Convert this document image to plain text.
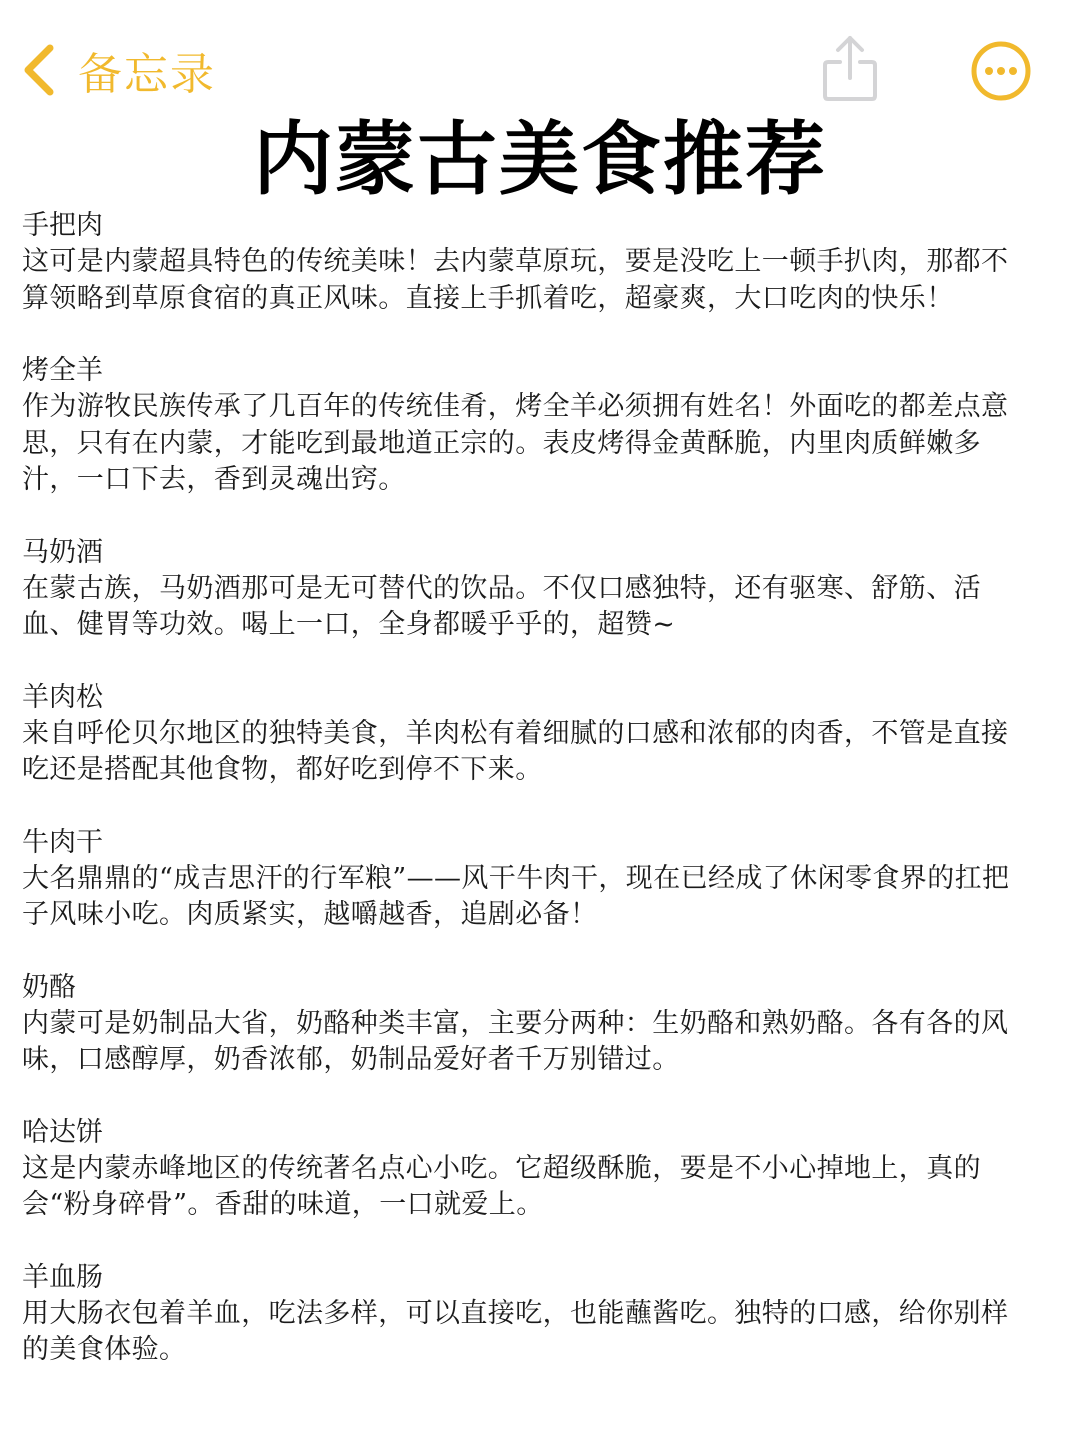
备忘录
内蒙古美食推荐

手把肉

这可是内蒙超具特色的传统美味！去内蒙草原玩，要是没吃上一顿手扒肉，那都不算领略到草原食宿的真正风味。直接上手抓着吃，超豪爽，大口吃肉的快乐！

烤全羊

作为游牧民族传承了几百年的传统佳肴，烤全羊必须拥有姓名！外面吃的都差点意思，只有在内蒙，才能吃到最地道正宗的。表皮烤得金黄酥脆，内里肉质鲜嫩多汁，一口下去，香到灵魂出窍。

马奶酒

在蒙古族，马奶酒那可是无可替代的饮品。不仅口感独特，还有驱寒、舒筋、活血、健胃等功效。喝上一口，全身都暖乎乎的，超赞~

羊肉松

来自呼伦贝尔地区的独特美食，羊肉松有着细腻的口感和浓郁的肉香，不管是直接吃还是搭配其他食物，都好吃到停不下来。

牛肉干

大名鼎鼎的“成吉思汗的行军粮”——风干牛肉干，现在已经成了休闲零食界的扛把子风味小吃。肉质紧实，越嚼越香，追剧必备！

奶酪

内蒙可是奶制品大省，奶酪种类丰富，主要分两种：生奶酪和熟奶酪。各有各的风味，口感醇厚，奶香浓郁，奶制品爱好者千万别错过。

哈达饼

这是内蒙赤峰地区的传统著名点心小吃。它超级酥脆，要是不小心掉地上，真的会“粉身碎骨”。香甜的味道，一口就爱上。

羊血肠

用大肠衣包着羊血，吃法多样，可以直接吃，也能蘸酱吃。独特的口感，给你别样的美食体验。
